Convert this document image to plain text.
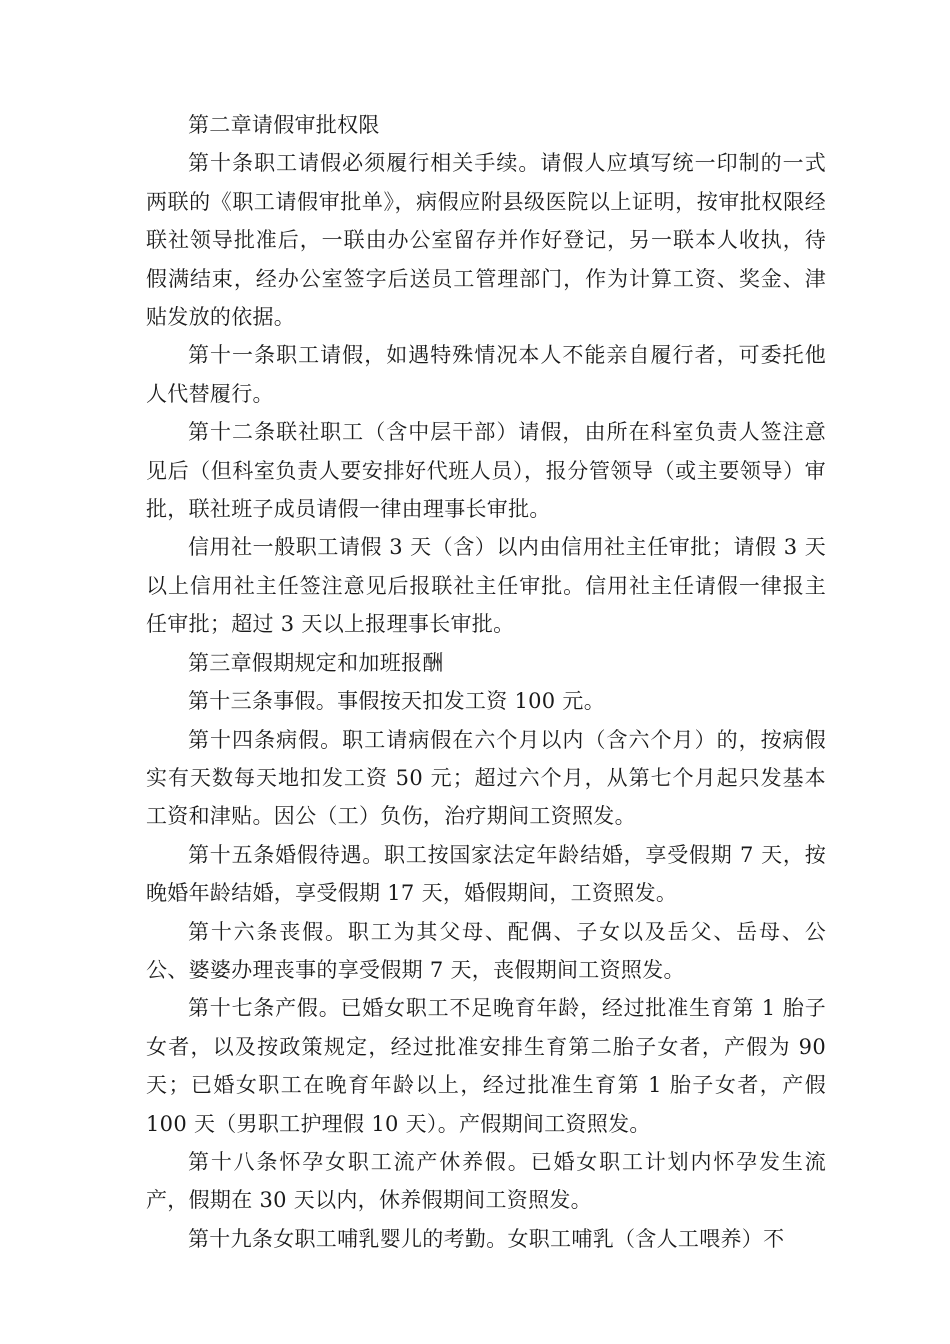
第二章请假审批权限

第十条职工请假必须履行相关手续。请假人应填写统一印制的一式两联的《职工请假审批单》，病假应附县级医院以上证明，按审批权限经联社领导批准后，一联由办公室留存并作好登记，另一联本人收执，待假满结束，经办公室签字后送员工管理部门，作为计算工资、奖金、津贴发放的依据。

第十一条职工请假，如遇特殊情况本人不能亲自履行者，可委托他人代替履行。

第十二条联社职工（含中层干部）请假，由所在科室负责人签注意见后（但科室负责人要安排好代班人员），报分管领导（或主要领导）审批，联社班子成员请假一律由理事长审批。

信用社一般职工请假 3 天（含）以内由信用社主任审批；请假 3 天以上信用社主任签注意见后报联社主任审批。信用社主任请假一律报主任审批；超过 3 天以上报理事长审批。

第三章假期规定和加班报酬

第十三条事假。事假按天扣发工资 100 元。

第十四条病假。职工请病假在六个月以内（含六个月）的，按病假实有天数每天地扣发工资 50 元；超过六个月，从第七个月起只发基本工资和津贴。因公（工）负伤，治疗期间工资照发。

第十五条婚假待遇。职工按国家法定年龄结婚，享受假期 7 天，按晚婚年龄结婚，享受假期 17 天，婚假期间，工资照发。

第十六条丧假。职工为其父母、配偶、子女以及岳父、岳母、公公、婆婆办理丧事的享受假期 7 天，丧假期间工资照发。

第十七条产假。已婚女职工不足晚育年龄，经过批准生育第 1 胎子女者，以及按政策规定，经过批准安排生育第二胎子女者，产假为 90 天；已婚女职工在晚育年龄以上，经过批准生育第 1 胎子女者，产假 100 天（男职工护理假 10 天）。产假期间工资照发。

第十八条怀孕女职工流产休养假。已婚女职工计划内怀孕发生流产，假期在 30 天以内，休养假期间工资照发。

第十九条女职工哺乳婴儿的考勤。女职工哺乳（含人工喂养）不
